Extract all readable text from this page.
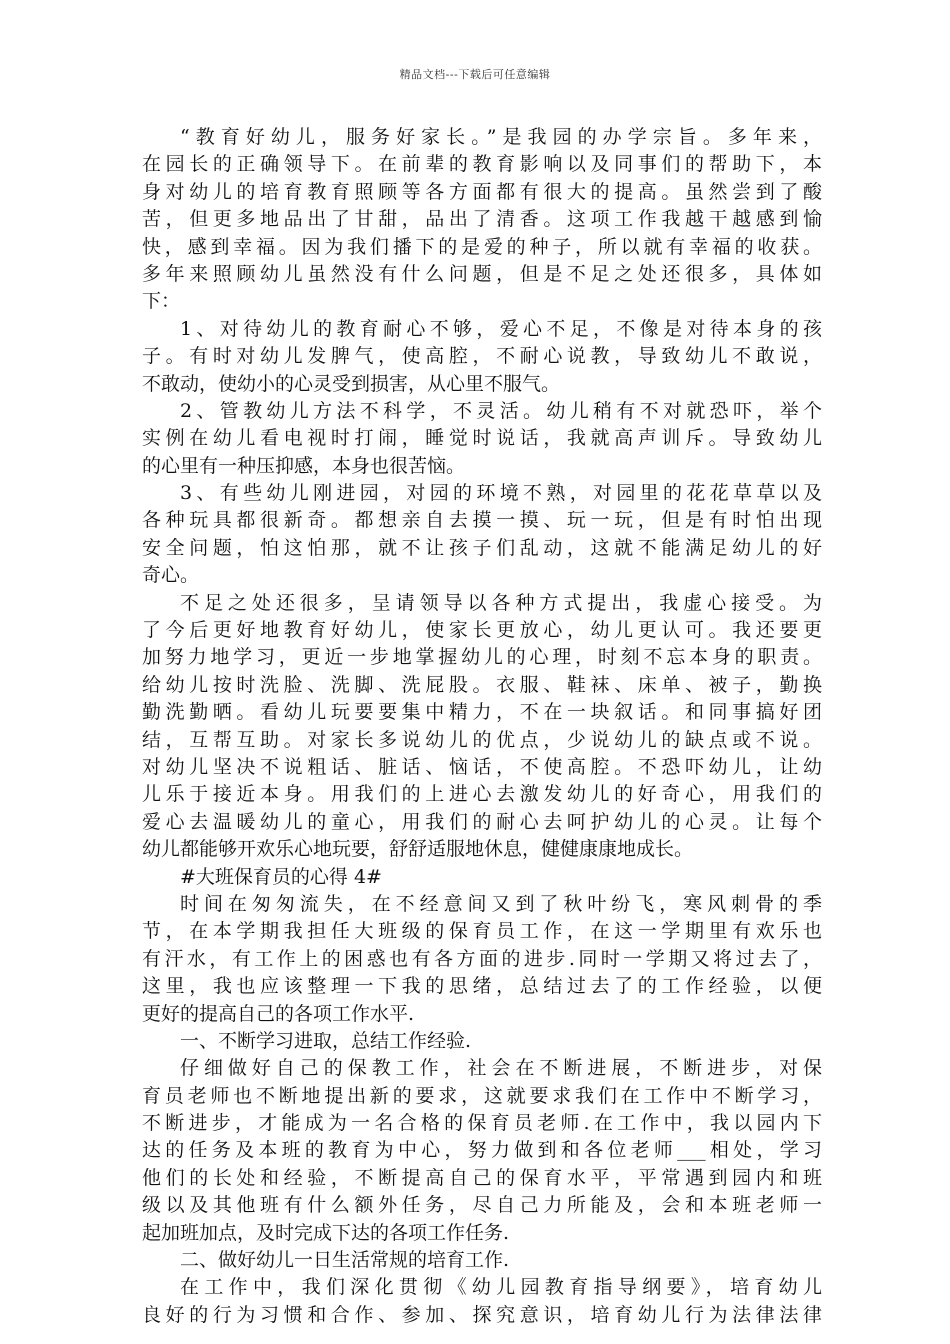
精品文档---下载后可任意编辑
“教育好幼儿，服务好家长。”是我园的办学宗旨。多年来，
在园长的正确领导下。在前辈的教育影响以及同事们的帮助下，本
身对幼儿的培育教育照顾等各方面都有很大的提高。虽然尝到了酸
苦，但更多地品出了甘甜，品出了清香。这项工作我越干越感到愉
快，感到幸福。因为我们播下的是爱的种子，所以就有幸福的收获。
多年来照顾幼儿虽然没有什么问题，但是不足之处还很多，具体如
下：
1、对待幼儿的教育耐心不够，爱心不足，不像是对待本身的孩
子。有时对幼儿发脾气，使高腔，不耐心说教，导致幼儿不敢说，
不敢动，使幼小的心灵受到损害，从心里不服气。
2、管教幼儿方法不科学，不灵活。幼儿稍有不对就恐吓，举个
实例在幼儿看电视时打闹，睡觉时说话，我就高声训斥。导致幼儿
的心里有一种压抑感，本身也很苦恼。
3、有些幼儿刚进园，对园的环境不熟，对园里的花花草草以及
各种玩具都很新奇。都想亲自去摸一摸、玩一玩，但是有时怕出现
安全问题，怕这怕那，就不让孩子们乱动，这就不能满足幼儿的好
奇心。
不足之处还很多，呈请领导以各种方式提出，我虚心接受。为
了今后更好地教育好幼儿，使家长更放心，幼儿更认可。我还要更
加努力地学习，更近一步地掌握幼儿的心理，时刻不忘本身的职责。
给幼儿按时洗脸、洗脚、洗屁股。衣服、鞋袜、床单、被子，勤换
勤洗勤晒。看幼儿玩要要集中精力，不在一块叙话。和同事搞好团
结，互帮互助。对家长多说幼儿的优点，少说幼儿的缺点或不说。
对幼儿坚决不说粗话、脏话、恼话，不使高腔。不恐吓幼儿，让幼
儿乐于接近本身。用我们的上进心去激发幼儿的好奇心，用我们的
爱心去温暖幼儿的童心，用我们的耐心去呵护幼儿的心灵。让每个
幼儿都能够开欢乐心地玩要，舒舒适服地休息，健健康康地成长。
#大班保育员的心得 4#
时间在匆匆流失，在不经意间又到了秋叶纷飞，寒风刺骨的季
节，在本学期我担任大班级的保育员工作，在这一学期里有欢乐也
有汗水，有工作上的困惑也有各方面的进步.同时一学期又将过去了，
这里，我也应该整理一下我的思绪，总结过去了的工作经验，以便
更好的提高自己的各项工作水平.
一、不断学习进取，总结工作经验.
仔细做好自己的保教工作，社会在不断进展，不断进步，对保
育员老师也不断地提出新的要求，这就要求我们在工作中不断学习，
不断进步，才能成为一名合格的保育员老师.在工作中，我以园内下
达的任务及本班的教育为中心，努力做到和各位老师___相处，学习
他们的长处和经验，不断提高自己的保育水平，平常遇到园内和班
级以及其他班有什么额外任务，尽自己力所能及，会和本班老师一
起加班加点，及时完成下达的各项工作任务.
二、做好幼儿一日生活常规的培育工作.
在工作中，我们深化贯彻《幼儿园教育指导纲要》，培育幼儿
良好的行为习惯和合作、参加、探究意识，培育幼儿行为法律法律
